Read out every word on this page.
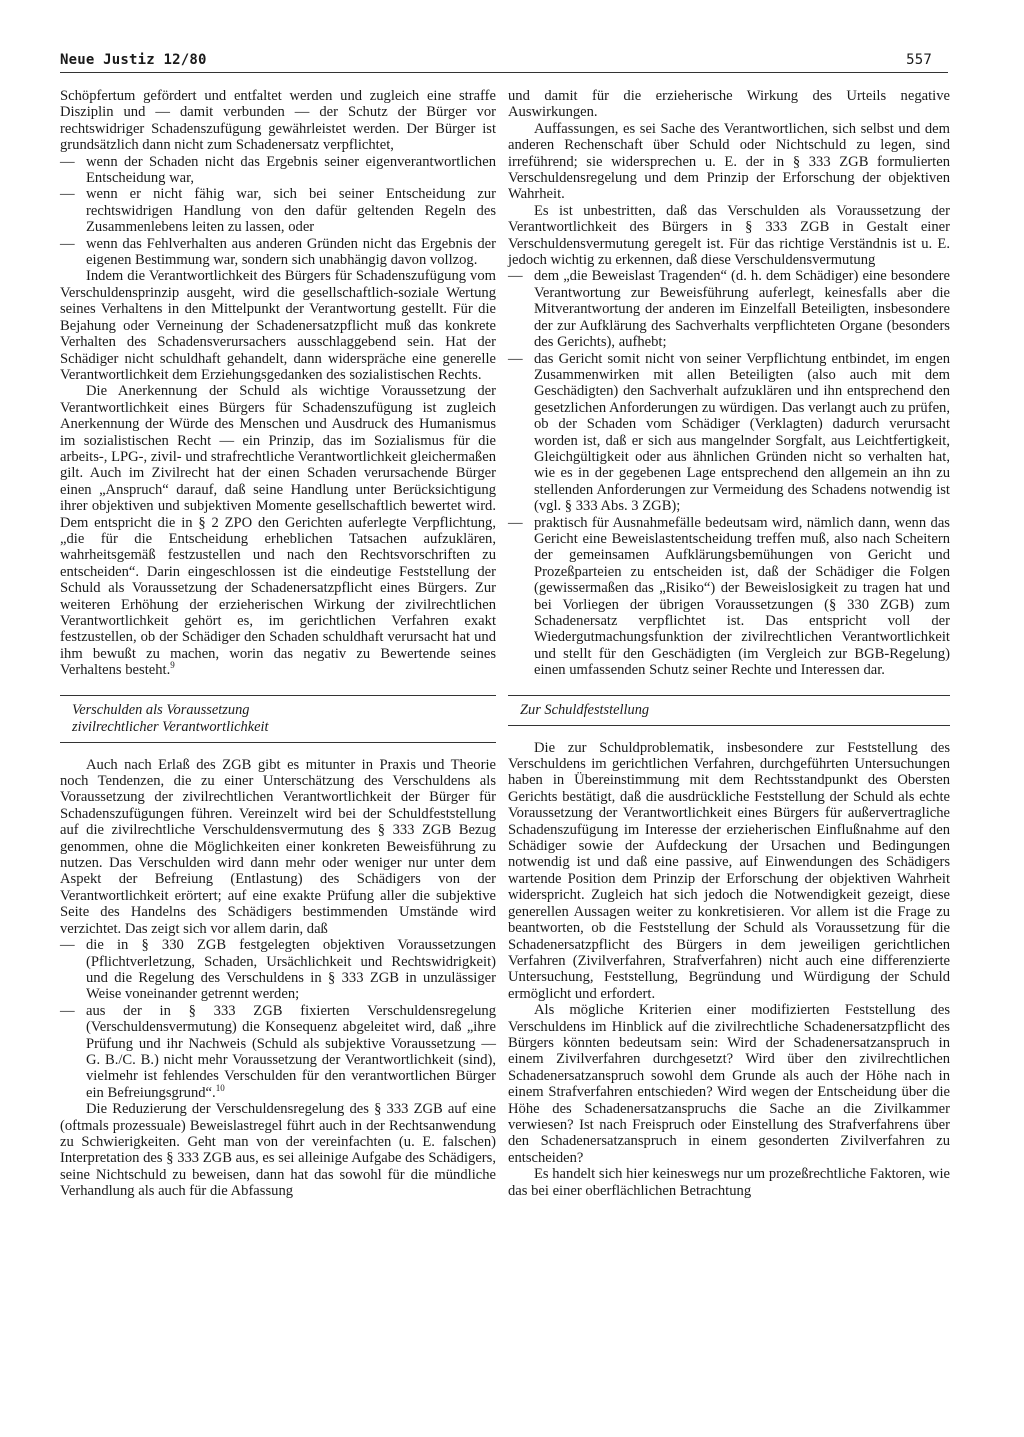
Neue Justiz 12/80	557

Schöpfertum gefördert und entfaltet werden und zugleich eine straffe Disziplin und — damit verbunden — der Schutz der Bürger vor rechtswidriger Schadenszufügung gewährleistet werden. Der Bürger ist grundsätzlich dann nicht zum Schadenersatz verpflichtet,

— wenn der Schaden nicht das Ergebnis seiner eigenverantwortlichen Entscheidung war,
— wenn er nicht fähig war, sich bei seiner Entscheidung zur rechtswidrigen Handlung von den dafür geltenden Regeln des Zusammenlebens leiten zu lassen, oder
— wenn das Fehlverhalten aus anderen Gründen nicht das Ergebnis der eigenen Bestimmung war, sondern sich unabhängig davon vollzog.

Indem die Verantwortlichkeit des Bürgers für Schadenszufügung vom Verschuldensprinzip ausgeht, wird die gesellschaftlich-soziale Wertung seines Verhaltens in den Mittelpunkt der Verantwortung gestellt. Für die Bejahung oder Verneinung der Schadenersatzpflicht muß das konkrete Verhalten des Schadensverursachers ausschlaggebend sein. Hat der Schädiger nicht schuldhaft gehandelt, dann widerspräche eine generelle Verantwortlichkeit dem Erziehungsgedanken des sozialistischen Rechts.

Die Anerkennung der Schuld als wichtige Voraussetzung der Verantwortlichkeit eines Bürgers für Schadenszufügung ist zugleich Anerkennung der Würde des Menschen und Ausdruck des Humanismus im sozialistischen Recht — ein Prinzip, das im Sozialismus für die arbeits-, LPG-, zivil- und strafrechtliche Verantwortlichkeit gleichermaßen gilt. Auch im Zivilrecht hat der einen Schaden verursachende Bürger einen „Anspruch“ darauf, daß seine Handlung unter Berücksichtigung ihrer objektiven und subjektiven Momente gesellschaftlich bewertet wird. Dem entspricht die in § 2 ZPO den Gerichten auferlegte Verpflichtung, „die für die Entscheidung erheblichen Tatsachen aufzuklären, wahrheitsgemäß festzustellen und nach den Rechtsvorschriften zu entscheiden“. Darin eingeschlossen ist die eindeutige Feststellung der Schuld als Voraussetzung der Schadenersatzpflicht eines Bürgers. Zur weiteren Erhöhung der erzieherischen Wirkung der zivilrechtlichen Verantwortlichkeit gehört es, im gerichtlichen Verfahren exakt festzustellen, ob der Schädiger den Schaden schuldhaft verursacht hat und ihm bewußt zu machen, worin das negativ zu Bewertende seines Verhaltens besteht.$^9$

Verschulden als Voraussetzung
zivilrechtlicher Verantwortlichkeit

Auch nach Erlaß des ZGB gibt es mitunter in Praxis und Theorie noch Tendenzen, die zu einer Unterschätzung des Verschuldens als Voraussetzung der zivilrechtlichen Verantwortlichkeit der Bürger für Schadenszufügungen führen. Vereinzelt wird bei der Schuldfeststellung auf die zivilrechtliche Verschuldensvermutung des § 333 ZGB Bezug genommen, ohne die Möglichkeiten einer konkreten Beweisführung zu nutzen. Das Verschulden wird dann mehr oder weniger nur unter dem Aspekt der Befreiung (Entlastung) des Schädigers von der Verantwortlichkeit erörtert; auf eine exakte Prüfung aller die subjektive Seite des Handelns des Schädigers bestimmenden Umstände wird verzichtet. Das zeigt sich vor allem darin, daß

— die in § 330 ZGB festgelegten objektiven Voraussetzungen (Pflichtverletzung, Schaden, Ursächlichkeit und Rechtswidrigkeit) und die Regelung des Verschuldens in § 333 ZGB in unzulässiger Weise voneinander getrennt werden;
— aus der in § 333 ZGB fixierten Verschuldensregelung (Verschuldensvermutung) die Konsequenz abgeleitet wird, daß „ihre Prüfung und ihr Nachweis (Schuld als subjektive Voraussetzung — G. B./C. B.) nicht mehr Voraussetzung der Verantwortlichkeit (sind), vielmehr ist fehlendes Verschulden für den verantwortlichen Bürger ein Befreiungsgrund“.$^{10}$

Die Reduzierung der Verschuldensregelung des § 333 ZGB auf eine (oftmals prozessuale) Beweislastregel führt auch in der Rechtsanwendung zu Schwierigkeiten. Geht man von der vereinfachten (u. E. falschen) Interpretation des § 333 ZGB aus, es sei alleinige Aufgabe des Schädigers, seine Nichtschuld zu beweisen, dann hat das sowohl für die mündliche Verhandlung als auch für die Abfassung

und damit für die erzieherische Wirkung des Urteils negative Auswirkungen.

Auffassungen, es sei Sache des Verantwortlichen, sich selbst und dem anderen Rechenschaft über Schuld oder Nichtschuld zu legen, sind irreführend; sie widersprechen u. E. der in § 333 ZGB formulierten Verschuldensregelung und dem Prinzip der Erforschung der objektiven Wahrheit.

Es ist unbestritten, daß das Verschulden als Voraussetzung der Verantwortlichkeit des Bürgers in § 333 ZGB in Gestalt einer Verschuldensvermutung geregelt ist. Für das richtige Verständnis ist u. E. jedoch wichtig zu erkennen, daß diese Verschuldensvermutung

— dem „die Beweislast Tragenden“ (d. h. dem Schädiger) eine besondere Verantwortung zur Beweisführung auferlegt, keinesfalls aber die Mitverantwortung der anderen im Einzelfall Beteiligten, insbesondere der zur Aufklärung des Sachverhalts verpflichteten Organe (besonders des Gerichts), aufhebt;
— das Gericht somit nicht von seiner Verpflichtung entbindet, im engen Zusammenwirken mit allen Beteiligten (also auch mit dem Geschädigten) den Sachverhalt aufzuklären und ihn entsprechend den gesetzlichen Anforderungen zu würdigen. Das verlangt auch zu prüfen, ob der Schaden vom Schädiger (Verklagten) dadurch verursacht worden ist, daß er sich aus mangelnder Sorgfalt, aus Leichtfertigkeit, Gleichgültigkeit oder aus ähnlichen Gründen nicht so verhalten hat, wie es in der gegebenen Lage entsprechend den allgemein an ihn zu stellenden Anforderungen zur Vermeidung des Schadens notwendig ist (vgl. § 333 Abs. 3 ZGB);
— praktisch für Ausnahmefälle bedeutsam wird, nämlich dann, wenn das Gericht eine Beweislastentscheidung treffen muß, also nach Scheitern der gemeinsamen Aufklärungsbemühungen von Gericht und Prozeßparteien zu entscheiden ist, daß der Schädiger die Folgen (gewissermaßen das „Risiko“) der Beweislosigkeit zu tragen hat und bei Vorliegen der übrigen Voraussetzungen (§ 330 ZGB) zum Schadenersatz verpflichtet ist. Das entspricht voll der Wiedergutmachungsfunktion der zivilrechtlichen Verantwortlichkeit und stellt für den Geschädigten (im Vergleich zur BGB-Regelung) einen umfassenden Schutz seiner Rechte und Interessen dar.
Zur Schuldfeststellung

Die zur Schuldproblematik, insbesondere zur Feststellung des Verschuldens im gerichtlichen Verfahren, durchgeführten Untersuchungen haben in Übereinstimmung mit dem Rechtsstandpunkt des Obersten Gerichts bestätigt, daß die ausdrückliche Feststellung der Schuld als echte Voraussetzung der Verantwortlichkeit eines Bürgers für außervertragliche Schadenszufügung im Interesse der erzieherischen Einflußnahme auf den Schädiger sowie der Aufdeckung der Ursachen und Bedingungen notwendig ist und daß eine passive, auf Einwendungen des Schädigers wartende Position dem Prinzip der Erforschung der objektiven Wahrheit widerspricht. Zugleich hat sich jedoch die Notwendigkeit gezeigt, diese generellen Aussagen weiter zu konkretisieren. Vor allem ist die Frage zu beantworten, ob die Feststellung der Schuld als Voraussetzung für die Schadenersatzpflicht des Bürgers in dem jeweiligen gerichtlichen Verfahren (Zivilverfahren, Strafverfahren) nicht auch eine differenzierte Untersuchung, Feststellung, Begründung und Würdigung der Schuld ermöglicht und erfordert.

Als mögliche Kriterien einer modifizierten Feststellung des Verschuldens im Hinblick auf die zivilrechtliche Schadenersatzpflicht des Bürgers könnten bedeutsam sein: Wird der Schadenersatzanspruch in einem Zivilverfahren durchgesetzt? Wird über den zivilrechtlichen Schadenersatzanspruch sowohl dem Grunde als auch der Höhe nach in einem Strafverfahren entschieden? Wird wegen der Entscheidung über die Höhe des Schadenersatzanspruchs die Sache an die Zivilkammer verwiesen? Ist nach Freispruch oder Einstellung des Strafverfahrens über den Schadenersatzanspruch in einem gesonderten Zivilverfahren zu entscheiden?

Es handelt sich hier keineswegs nur um prozeßrechtliche Faktoren, wie das bei einer oberflächlichen Betrachtung
